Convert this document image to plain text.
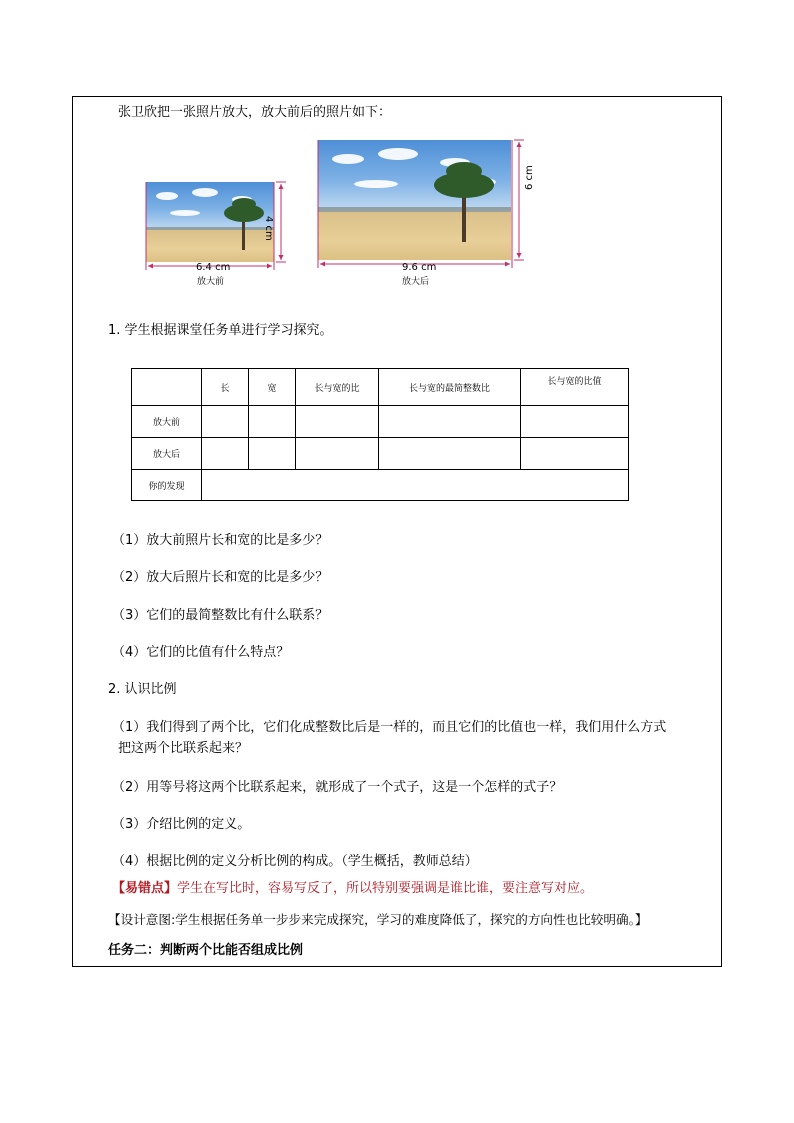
张卫欣把一张照片放大，放大前后的照片如下：
6.4 cm
4 cm
放大前
9.6 cm
6 cm
放大后
1. 学生根据课堂任务单进行学习探究。
	长	宽	长与宽的比	长与宽的最简整数比	长与宽的比值
放大前					
放大后					
你的发现					
（1）放大前照片长和宽的比是多少？
（2）放大后照片长和宽的比是多少？
（3）它们的最简整数比有什么联系？
（4）它们的比值有什么特点？
2. 认识比例
（1）我们得到了两个比，它们化成整数比后是一样的，而且它们的比值也一样，我们用什么方式
把这两个比联系起来？
（2）用等号将这两个比联系起来，就形成了一个式子，这是一个怎样的式子？
（3）介绍比例的定义。
（4）根据比例的定义分析比例的构成。（学生概括，教师总结）
【易错点】学生在写比时，容易写反了，所以特别要强调是谁比谁，要注意写对应。
【设计意图:学生根据任务单一步步来完成探究，学习的难度降低了，探究的方向性也比较明确。】
任务二：判断两个比能否组成比例
